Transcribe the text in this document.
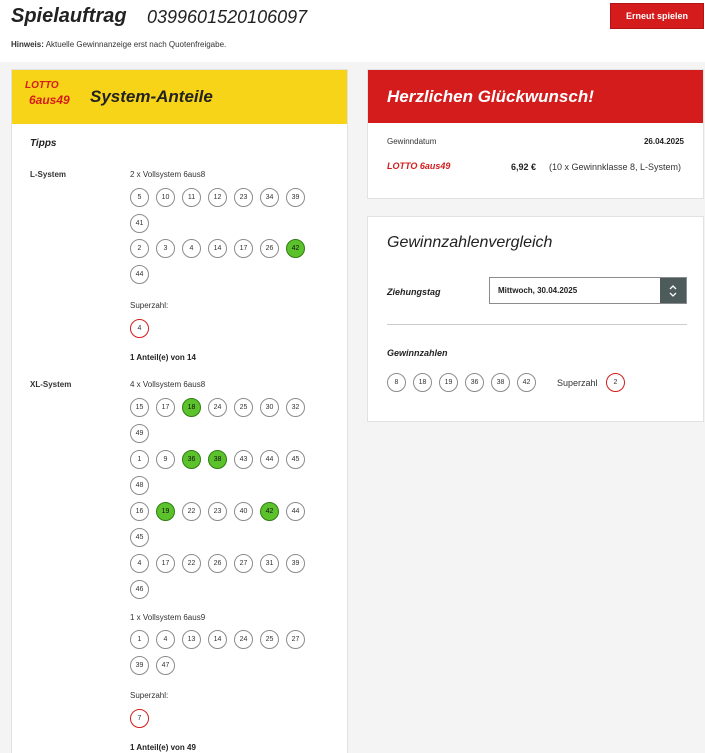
Spielauftrag 0399601520106097
Hinweis: Aktuelle Gewinnanzeige erst nach Quotenfreigabe.
Erneut spielen
LOTTO
6aus49 System-Anteile
Tipps
L-System	2 x Vollsystem 6aus8
Superzahl:
1 Anteil(e) von 14
XL-System	4 x Vollsystem 6aus8
1 x Vollsystem 6aus9
Superzahl:
1 Anteil(e) von 49
5	10	11	12	23	34	39
41
2	3	4	14	17	26	42
44
4
15	17	18	24	25	30	32
49
1	9	36	38	43	44	45
48
16	19	22	23	40	42	44
45
4	17	22	26	27	31	39
46
1	4	13	14	24	25	27
39	47
7
Herzlichen Glückwunsch!
Gewinndatum	26.04.2025
LOTTO 6aus49	6,92 € (10 x Gewinnklasse 8, L-System)
Gewinnzahlenvergleich
Ziehungstag	Mittwoch, 30.04.2025
Gewinnzahlen
Superzahl
8	18	19	36	38	42	2
